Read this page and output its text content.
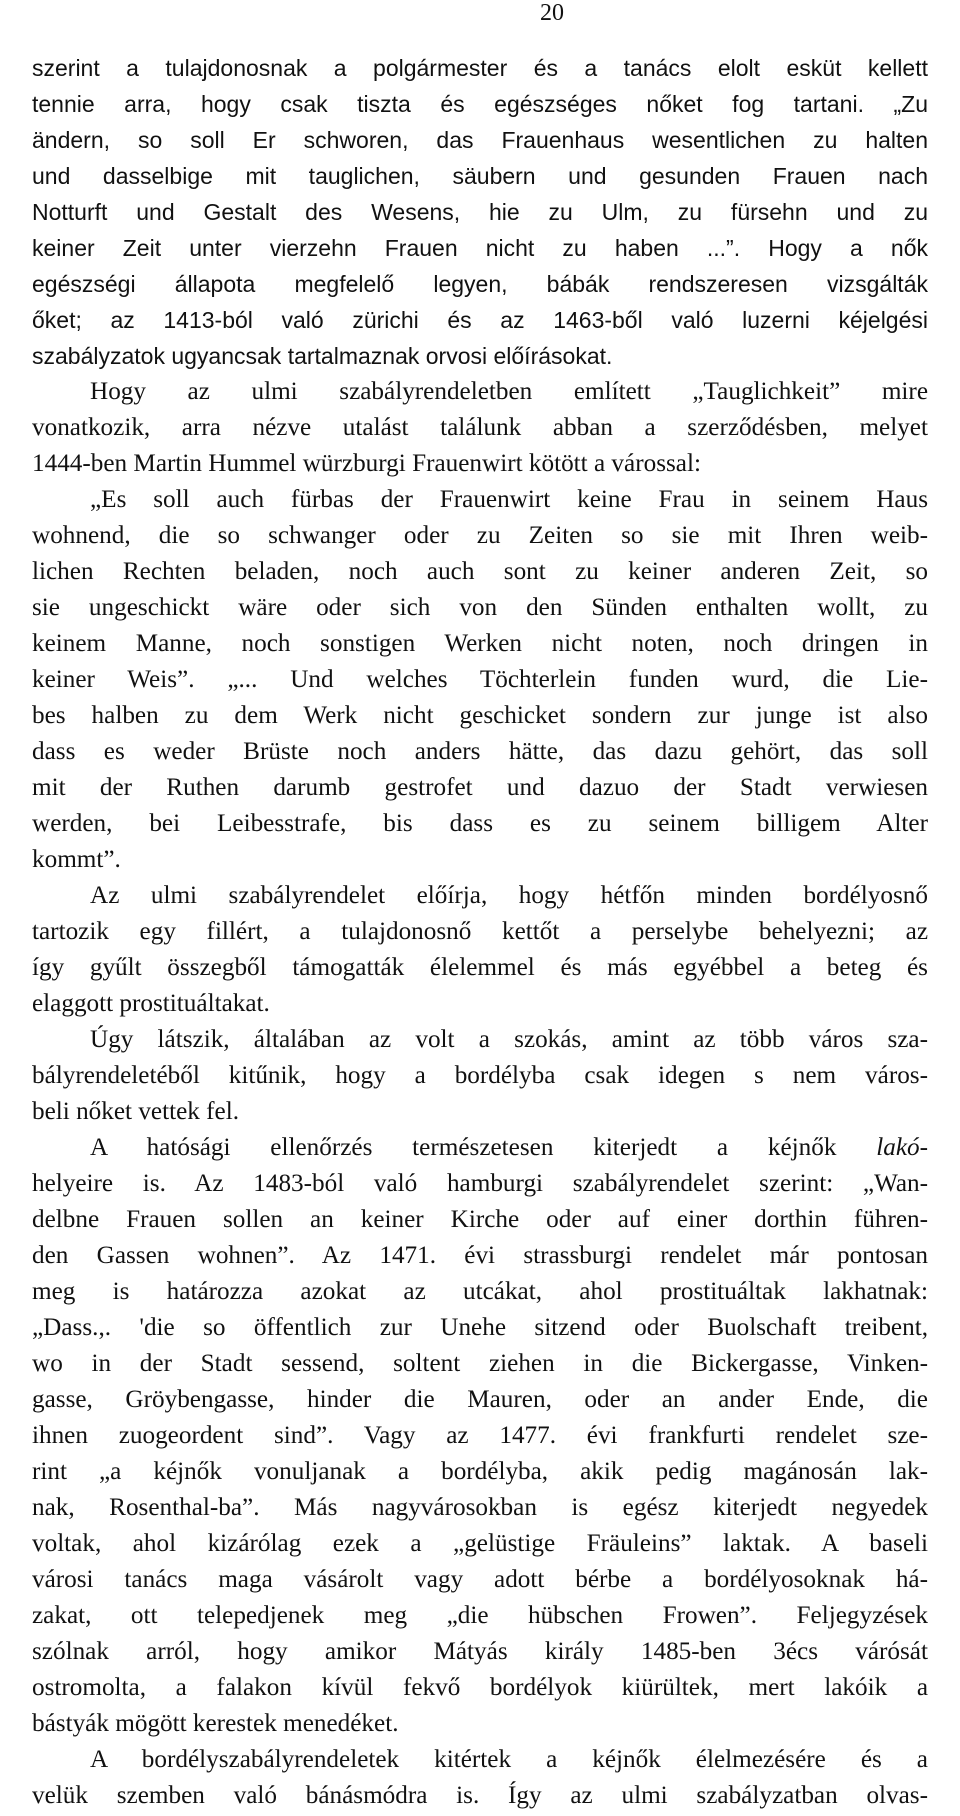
20
szerint a tulajdonosnak a polgármester és a tanács elolt esküt kellett
tennie arra, hogy csak tiszta és egészséges nőket fog tartani. „Zu
ändern, so soll Er schworen, das Frauenhaus wesentlichen zu halten
und dasselbige mit tauglichen, säubern und gesunden Frauen nach
Notturft und Gestalt des Wesens, hie zu Ulm, zu fürsehn und zu
keiner Zeit unter vierzehn Frauen nicht zu haben ...”. Hogy a nők
egészségi állapota megfelelő legyen, bábák rendszeresen vizsgálták
őket; az 1413-ból való zürichi és az 1463-ből való luzerni kéjelgési
szabályzatok ugyancsak tartalmaznak orvosi előírásokat.
Hogy az ulmi szabályrendeletben említett „Tauglichkeit” mire
vonatkozik, arra nézve utalást találunk abban a szerződésben, melyet
1444-ben Martin Hummel würzburgi Frauenwirt kötött a várossal:
„Es soll auch fürbas der Frauenwirt keine Frau in seinem Haus
wohnend, die so schwanger oder zu Zeiten so sie mit Ihren weib-
lichen Rechten beladen, noch auch sont zu keiner anderen Zeit, so
sie ungeschickt wäre oder sich von den Sünden enthalten wollt, zu
keinem Manne, noch sonstigen Werken nicht noten, noch dringen in
keiner Weis”. „... Und welches Töchterlein funden wurd, die Lie-
bes halben zu dem Werk nicht geschicket sondern zur junge ist also
dass es weder Brüste noch anders hätte, das dazu gehört, das soll
mit der Ruthen darumb gestrofet und dazuo der Stadt verwiesen
werden, bei Leibesstrafe, bis dass es zu seinem billigem Alter
kommt”.
Az ulmi szabályrendelet előírja, hogy hétfőn minden bordélyosnő
tartozik egy fillért, a tulajdonosnő kettőt a perselybe behelyezni; az
így gyűlt összegből támogatták élelemmel és más egyébbel a beteg és
elaggott prostituáltakat.
Úgy látszik, általában az volt a szokás, amint az több város sza-
bályrendeletéből kitűnik, hogy a bordélyba csak idegen s nem város-
beli nőket vettek fel.
A hatósági ellenőrzés természetesen kiterjedt a kéjnők lakó-
helyeire is. Az 1483-ból való hamburgi szabályrendelet szerint: „Wan-
delbne Frauen sollen an keiner Kirche oder auf einer dorthin führen-
den Gassen wohnen”. Az 1471. évi strassburgi rendelet már pontosan
meg is határozza azokat az utcákat, ahol prostituáltak lakhatnak:
„Dass.,. 'die so öffentlich zur Unehe sitzend oder Buolschaft treibent,
wo in der Stadt sessend, soltent ziehen in die Bickergasse, Vinken-
gasse, Gröybengasse, hinder die Mauren, oder an ander Ende, die
ihnen zuogeordent sind”. Vagy az 1477. évi frankfurti rendelet sze-
rint „a kéjnők vonuljanak a bordélyba, akik pedig magánosán lak-
nak, Rosenthal-ba”. Más nagyvárosokban is egész kiterjedt negyedek
voltak, ahol kizárólag ezek a „gelüstige Fräuleins” laktak. A baseli
városi tanács maga vásárolt vagy adott bérbe a bordélyosoknak há-
zakat, ott telepedjenek meg „die hübschen Frowen”. Feljegyzések
szólnak arról, hogy amikor Mátyás király 1485-ben 3écs várósát
ostromolta, a falakon kívül fekvő bordélyok kiürültek, mert lakóik a
bástyák mögött kerestek menedéket.
A bordélyszabályrendeletek kitértek a kéjnők élelmezésére és a
velük szemben való bánásmódra is. Így az ulmi szabályzatban olvas-
